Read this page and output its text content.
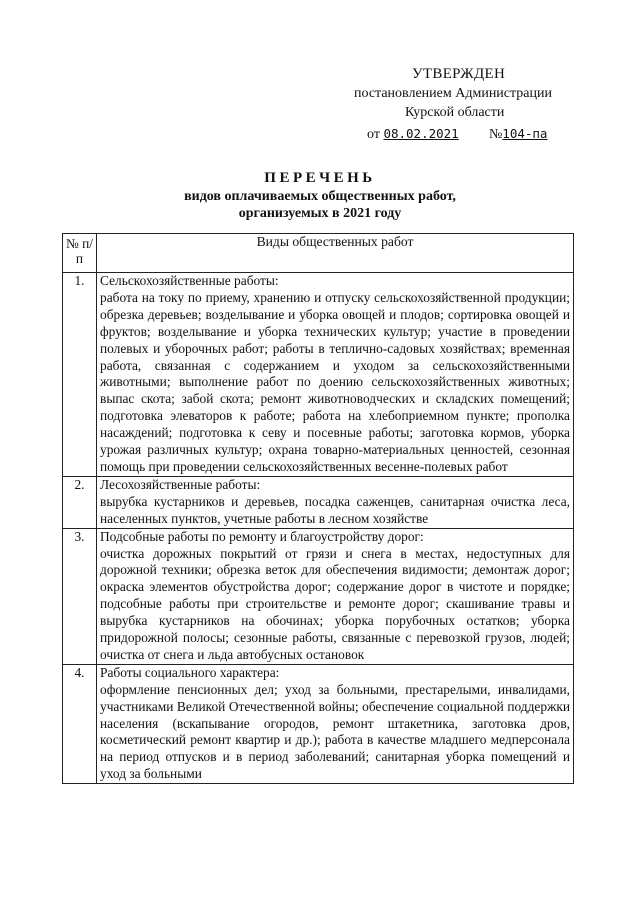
УТВЕРЖДЕН
постановлением Администрации
Курской области
от 08.02.2021 №104-па
ПЕРЕЧЕНЬ
видов оплачиваемых общественных работ,
организуемых в 2021 году
№ п/п	Виды общественных работ
1.	Сельскохозяйственные работы:
работа на току по приему, хранению и отпуску сельскохозяйственной продукции; обрезка деревьев; возделывание и уборка овощей и плодов; сортировка овощей и фруктов; возделывание и уборка технических культур; участие в проведении полевых и уборочных работ; работы в теплично-садовых хозяйствах; временная работа, связанная с содержанием и уходом за сельскохозяйственными животными; выполнение работ по доению сельскохозяйственных животных; выпас скота; забой скота; ремонт животноводческих и складских помещений; подготовка элеваторов к работе; работа на хлебоприемном пункте; прополка насаждений; подготовка к севу и посевные работы; заготовка кормов, уборка урожая различных культур; охрана товарно-материальных ценностей, сезонная помощь при проведении сельскохозяйственных весенне-полевых работ

2.	Лесохозяйственные работы:
вырубка кустарников и деревьев, посадка саженцев, санитарная очистка леса, населенных пунктов, учетные работы в лесном хозяйстве

3.	Подсобные работы по ремонту и благоустройству дорог:
очистка дорожных покрытий от грязи и снега в местах, недоступных для дорожной техники; обрезка веток для обеспечения видимости; демонтаж дорог; окраска элементов обустройства дорог; содержание дорог в чистоте и порядке; подсобные работы при строительстве и ремонте дорог; скашивание травы и вырубка кустарников на обочинах; уборка порубочных остатков; уборка придорожной полосы; сезонные работы, связанные с перевозкой грузов, людей; очистка от снега и льда автобусных остановок

4.	Работы социального характера:
оформление пенсионных дел; уход за больными, престарелыми, инвалидами, участниками Великой Отечественной войны; обеспечение социальной поддержки населения (вскапывание огородов, ремонт штакетника, заготовка дров, косметический ремонт квартир и др.); работа в качестве младшего медперсонала на период отпусков и в период заболеваний; санитарная уборка помещений и уход за больными
